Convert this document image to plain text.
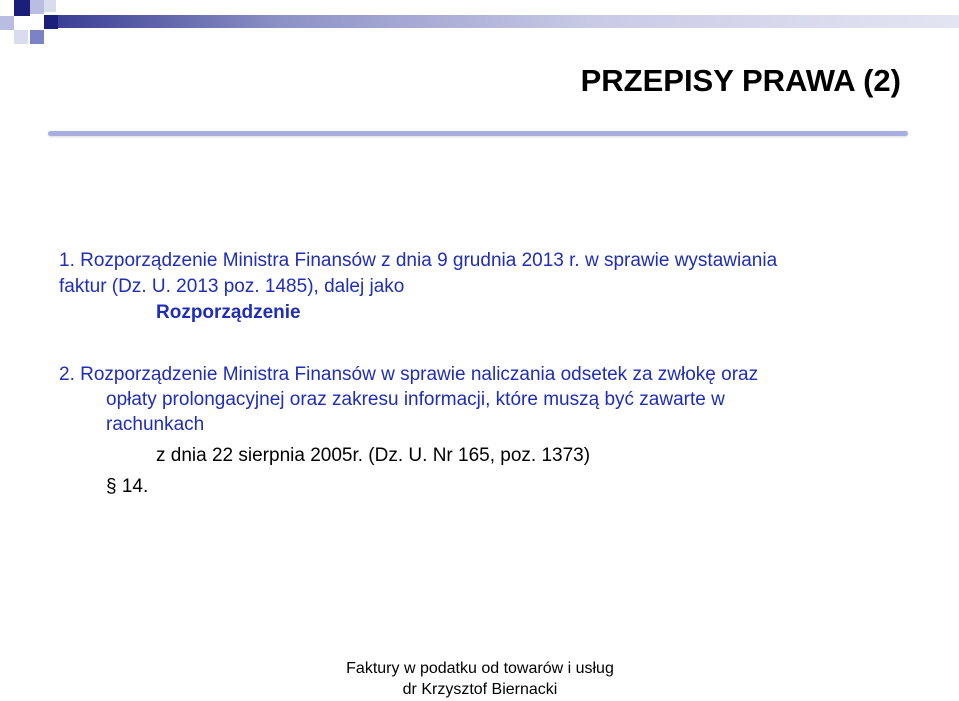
PRZEPISY PRAWA (2)
1. Rozporządzenie Ministra Finansów z dnia 9 grudnia 2013 r. w sprawie wystawiania
faktur (Dz. U. 2013 poz. 1485), dalej jako
Rozporządzenie
2. Rozporządzenie Ministra Finansów w sprawie naliczania odsetek za zwłokę oraz
opłaty prolongacyjnej oraz zakresu informacji, które muszą być zawarte w
rachunkach
z dnia 22 sierpnia 2005r. (Dz. U. Nr 165, poz. 1373)
§ 14.
Faktury w podatku od towarów i usług
dr Krzysztof Biernacki
